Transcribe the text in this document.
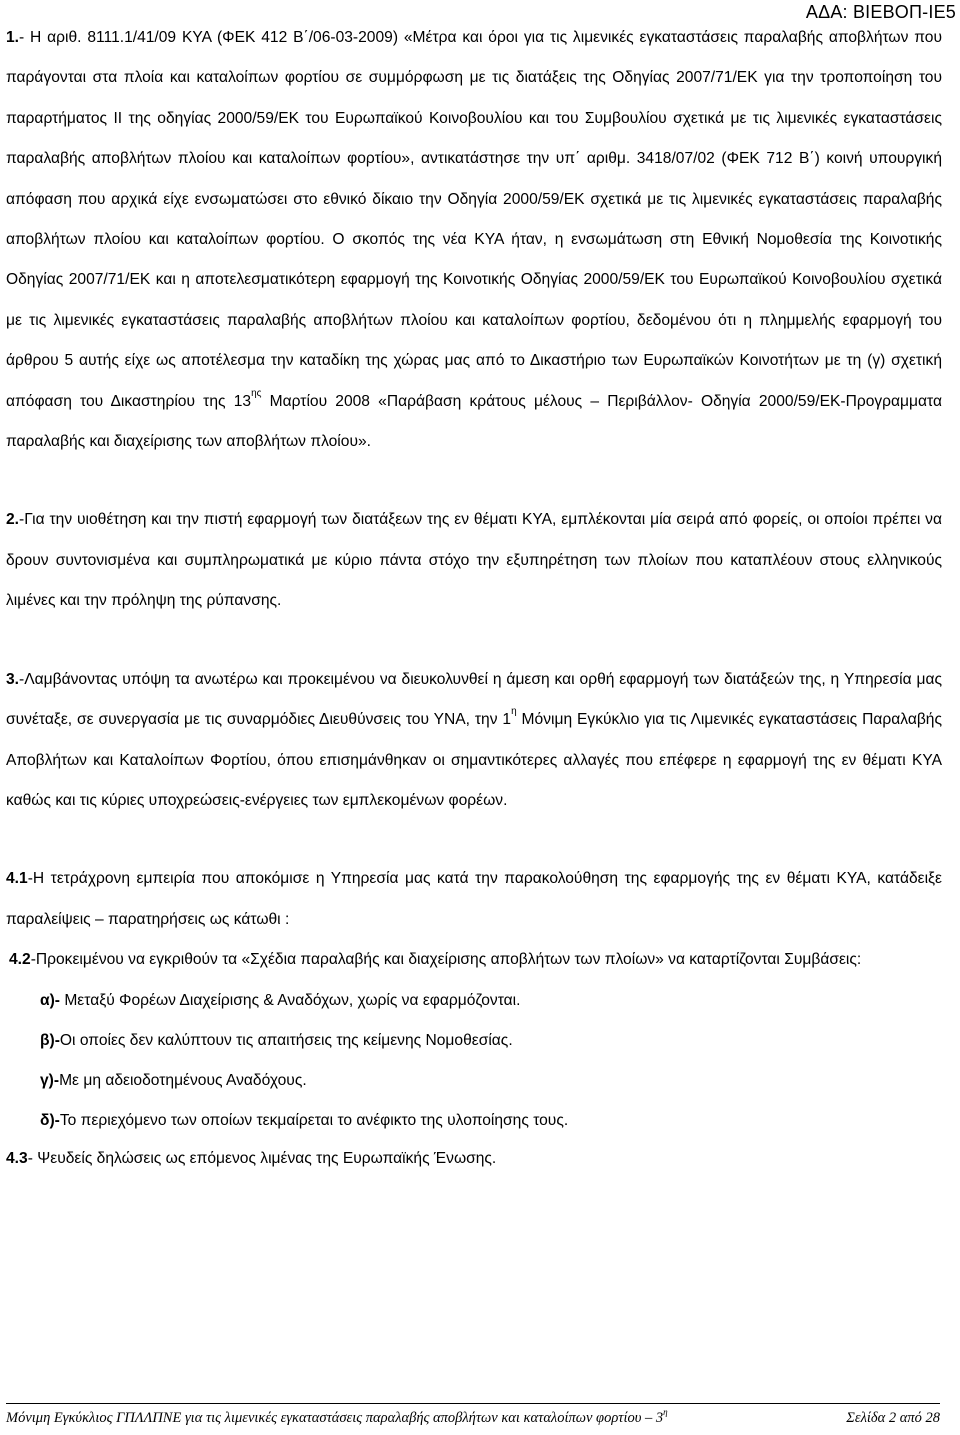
ΑΔΑ: ΒΙΕΒΟΠ-ΙΕ5

1.- Η αριθ. 8111.1/41/09 ΚΥΑ (ΦΕΚ 412 Β΄/06-03-2009) «Μέτρα και όροι για τις λιμενικές εγκαταστάσεις παραλαβής αποβλήτων που παράγονται στα πλοία και καταλοίπων φορτίου σε συμμόρφωση με τις διατάξεις της Οδηγίας 2007/71/ΕΚ για την τροποποίηση του παραρτήματος ΙΙ της οδηγίας 2000/59/ΕΚ του Ευρωπαϊκού Κοινοβουλίου και του Συμβουλίου σχετικά με τις λιμενικές εγκαταστάσεις παραλαβής αποβλήτων πλοίου και καταλοίπων φορτίου», αντικατάστησε την υπ΄ αριθμ. 3418/07/02 (ΦΕΚ 712 Β΄) κοινή υπουργική απόφαση που αρχικά είχε ενσωματώσει στο εθνικό δίκαιο την Οδηγία 2000/59/ΕΚ σχετικά με τις λιμενικές εγκαταστάσεις παραλαβής αποβλήτων πλοίου και καταλοίπων φορτίου. Ο σκοπός της νέα ΚΥΑ ήταν, η ενσωμάτωση στη Εθνική Νομοθεσία της Κοινοτικής Οδηγίας 2007/71/ΕΚ και η αποτελεσματικότερη εφαρμογή της Κοινοτικής Οδηγίας 2000/59/ΕΚ του Ευρωπαϊκού Κοινοβουλίου σχετικά με τις λιμενικές εγκαταστάσεις παραλαβής αποβλήτων πλοίου και καταλοίπων φορτίου, δεδομένου ότι η πλημμελής εφαρμογή του άρθρου 5 αυτής είχε ως αποτέλεσμα την καταδίκη της χώρας μας από το Δικαστήριο των Ευρωπαϊκών Κοινοτήτων με τη (γ) σχετική απόφαση του Δικαστηρίου της $13^{\eta\varsigma}$ Μαρτίου 2008 «Παράβαση κράτους μέλους – Περιβάλλον- Οδηγία 2000/59/ΕΚ-Προγραμματα παραλαβής και διαχείρισης των αποβλήτων πλοίου».

2.-Για την υιοθέτηση και την πιστή εφαρμογή των διατάξεων της εν θέματι ΚΥΑ, εμπλέκονται μία σειρά από φορείς, οι οποίοι πρέπει να δρουν συντονισμένα και συμπληρωματικά με κύριο πάντα στόχο την εξυπηρέτηση των πλοίων που καταπλέουν στους ελληνικούς λιμένες και την πρόληψη της ρύπανσης.

3.-Λαμβάνοντας υπόψη τα ανωτέρω και προκειμένου να διευκολυνθεί η άμεση και ορθή εφαρμογή των διατάξεών της, η Υπηρεσία μας συνέταξε, σε συνεργασία με τις συναρμόδιες Διευθύνσεις του ΥΝΑ, την $1^\eta$ Μόνιμη Εγκύκλιο για τις Λιμενικές εγκαταστάσεις Παραλαβής Αποβλήτων και Καταλοίπων Φορτίου, όπου επισημάνθηκαν οι σημαντικότερες αλλαγές που επέφερε η εφαρμογή της εν θέματι ΚΥΑ καθώς και τις κύριες υποχρεώσεις-ενέργειες των εμπλεκομένων φορέων.

4.1-Η τετράχρονη εμπειρία που αποκόμισε η Υπηρεσία μας κατά την παρακολούθηση της εφαρμογής της εν θέματι ΚΥΑ, κατάδειξε παραλείψεις – παρατηρήσεις ως κάτωθι :

4.2-Προκειμένου να εγκριθούν τα «Σχέδια παραλαβής και διαχείρισης αποβλήτων των πλοίων» να καταρτίζονται Συμβάσεις:

α)- Μεταξύ Φορέων Διαχείρισης & Αναδόχων, χωρίς να εφαρμόζονται.

β)-Οι οποίες δεν καλύπτουν τις απαιτήσεις της κείμενης Νομοθεσίας.

γ)-Με μη αδειοδοτημένους Αναδόχους.

δ)-Το περιεχόμενο των οποίων τεκμαίρεται το ανέφικτο της υλοποίησης τους.

4.3- Ψευδείς δηλώσεις ως επόμενος λιμένας της Ευρωπαϊκής Ένωσης.

Μόνιμη Εγκύκλιος ΓΠΛΛΠΝΕ για τις λιμενικές εγκαταστάσεις παραλαβής αποβλήτων και καταλοίπων φορτίου – $3^\eta$	Σελίδα 2 από 28
